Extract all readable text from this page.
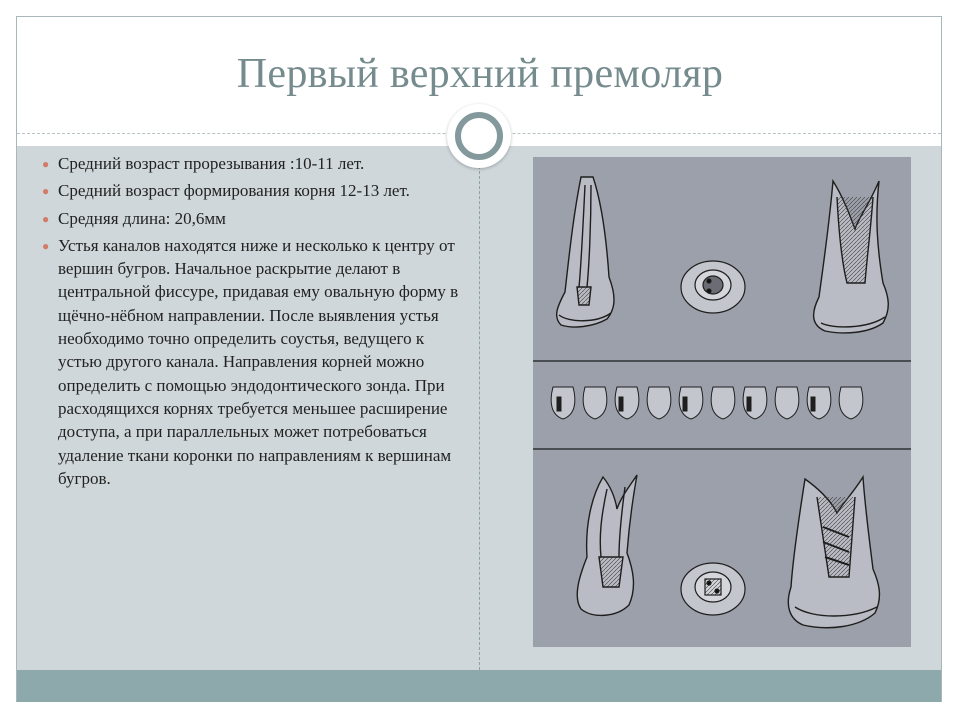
Первый верхний премоляр
● Средний возраст прорезывания :10-11 лет.
● Средний возраст формирования корня 12-13 лет.
● Средняя длина: 20,6мм
● Устья каналов находятся ниже и несколько к центру от вершин бугров. Начальное раскрытие делают в центральной фиссуре, придавая ему овальную форму в щёчно-нёбном направлении. После выявления устья необходимо точно определить соустья, ведущего к устью другого канала. Направления корней можно определить с помощью эндодонтического зонда. При расходящихся корнях требуется меньшее расширение доступа, а при параллельных может потребоваться удаление ткани коронки по направлениям к вершинам бугров.
